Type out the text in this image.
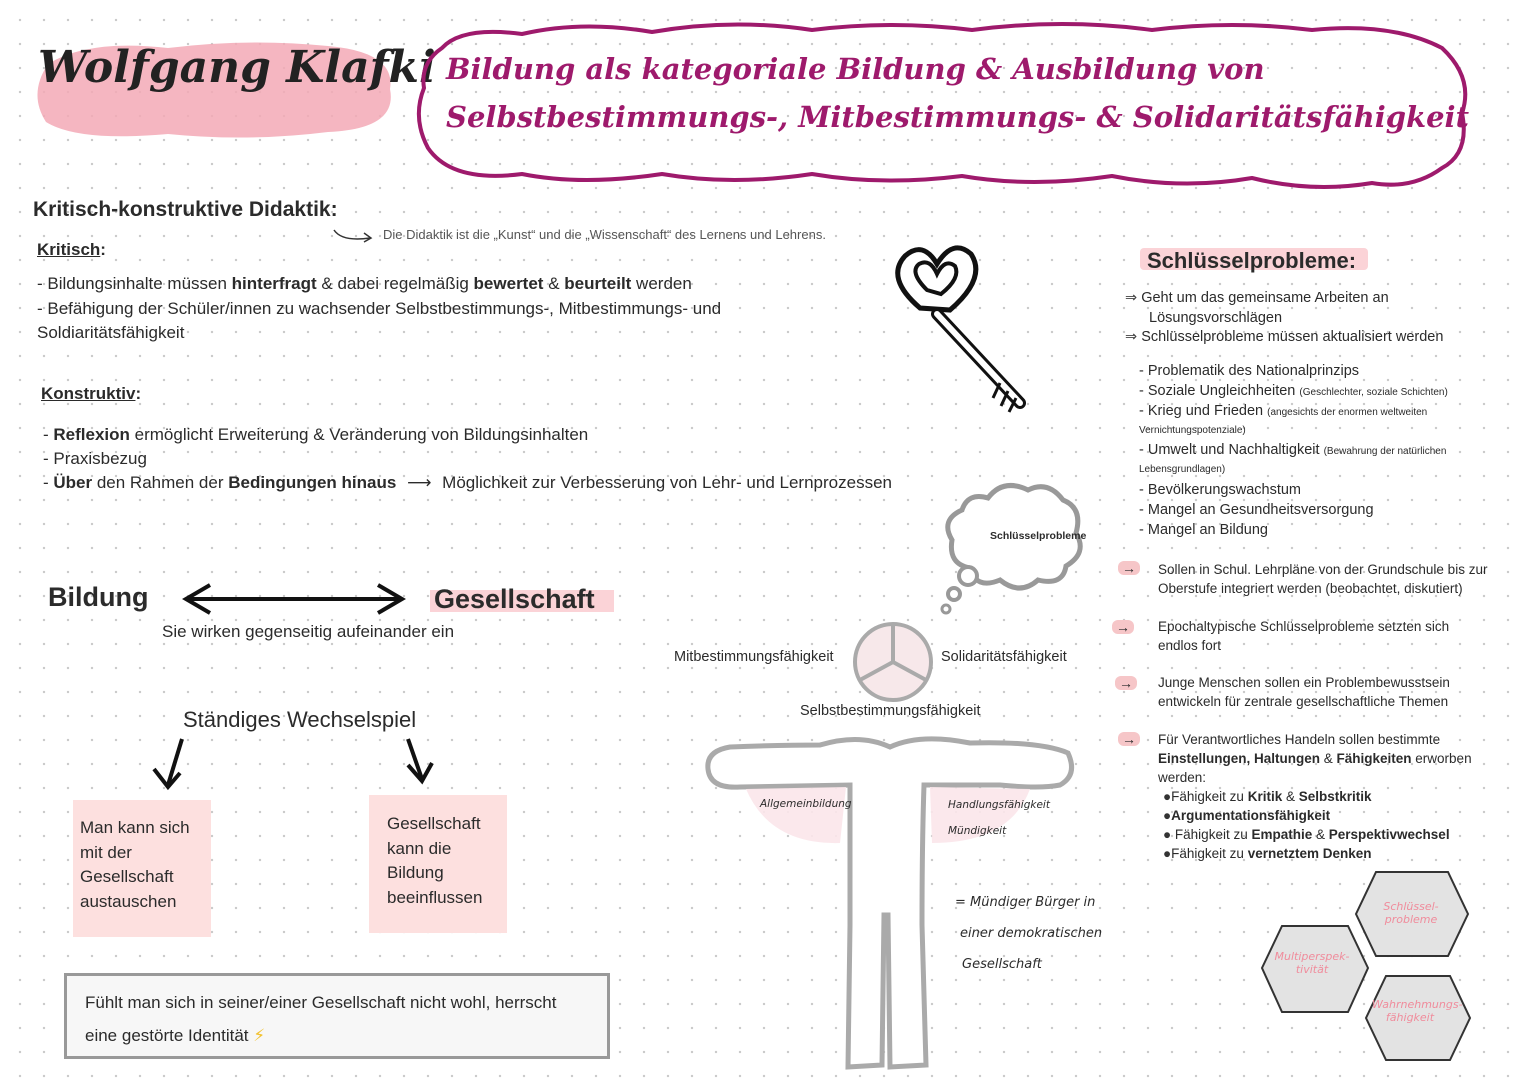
Wolfgang Klafki Bildung als kategoriale Bildung & Ausbildung von
Selbstbestimmungs-, Mitbestimmungs- & Solidaritätsfähigkeit
Kritisch-konstruktive Didaktik:
Die Didaktik ist die „Kunst“ und die „Wissenschaft“ des Lernens und Lehrens.
Kritisch:
- Bildungsinhalte müssen hinterfragt & dabei regelmäßig bewertet & beurteilt werden
- Befähigung der Schüler/innen zu wachsender Selbstbestimmungs-, Mitbestimmungs- und
Soldiaritätsfähigkeit
Konstruktiv:
- Reflexion ermöglicht Erweiterung & Veränderung von Bildungsinhalten
- Praxisbezug
- Über den Rahmen der Bedingungen hinaus ⟶ Möglichkeit zur Verbesserung von Lehr- und Lernprozessen
Schlüsselprobleme:
⇒ Geht um das gemeinsame Arbeiten an
Lösungsvorschlägen
⇒ Schlüsselprobleme müssen aktualisiert werden
- Problematik des Nationalprinzips
- Soziale Ungleichheiten (Geschlechter, soziale Schichten)
- Krieg und Frieden (angesichts der enormen weltweiten Vernichtungspotenziale)
- Umwelt und Nachhaltigkeit (Bewahrung der natürlichen Lebensgrundlagen)
- Bevölkerungswachstum
- Mangel an Gesundheitsversorgung
- Mangel an Bildung
→ Sollen in Schul. Lehrpläne von der Grundschule bis zur Oberstufe integriert werden (beobachtet, diskutiert)
→ Epochaltypische Schlüsselprobleme setzten sich endlos fort
→ Junge Menschen sollen ein Problembewusstsein entwickeln für zentrale gesellschaftliche Themen
→ Für Verantwortliches Handeln sollen bestimmte
Einstellungen, Haltungen & Fähigkeiten erworben werden:
●Fähigkeit zu Kritik & Selbstkritik
●Argumentationsfähigkeit
● Fähigkeit zu Empathie & Perspektivwechsel
●Fähigkeit zu vernetztem Denken
Schlüssel-probleme
Multiperspek-tivität
Wahrnehmungs-fähigkeit
Bildung	Gesellschaft
Sie wirken gegenseitig aufeinander ein
Ständiges Wechselspiel
Man kann sich mit der Gesellschaft austauschen
Gesellschaft kann die Bildung beeinflussen
Fühlt man sich in seiner/einer Gesellschaft nicht wohl, herrscht eine gestörte Identität ⚡
Schlüsselprobleme
Mitbestimmungsfähigkeit	Solidaritätsfähigkeit
Selbstbestimmungsfähigkeit
Allgemeinbildung	Handlungsfähigkeit
Mündigkeit
= Mündiger Bürger in
einer demokratischen
Gesellschaft
